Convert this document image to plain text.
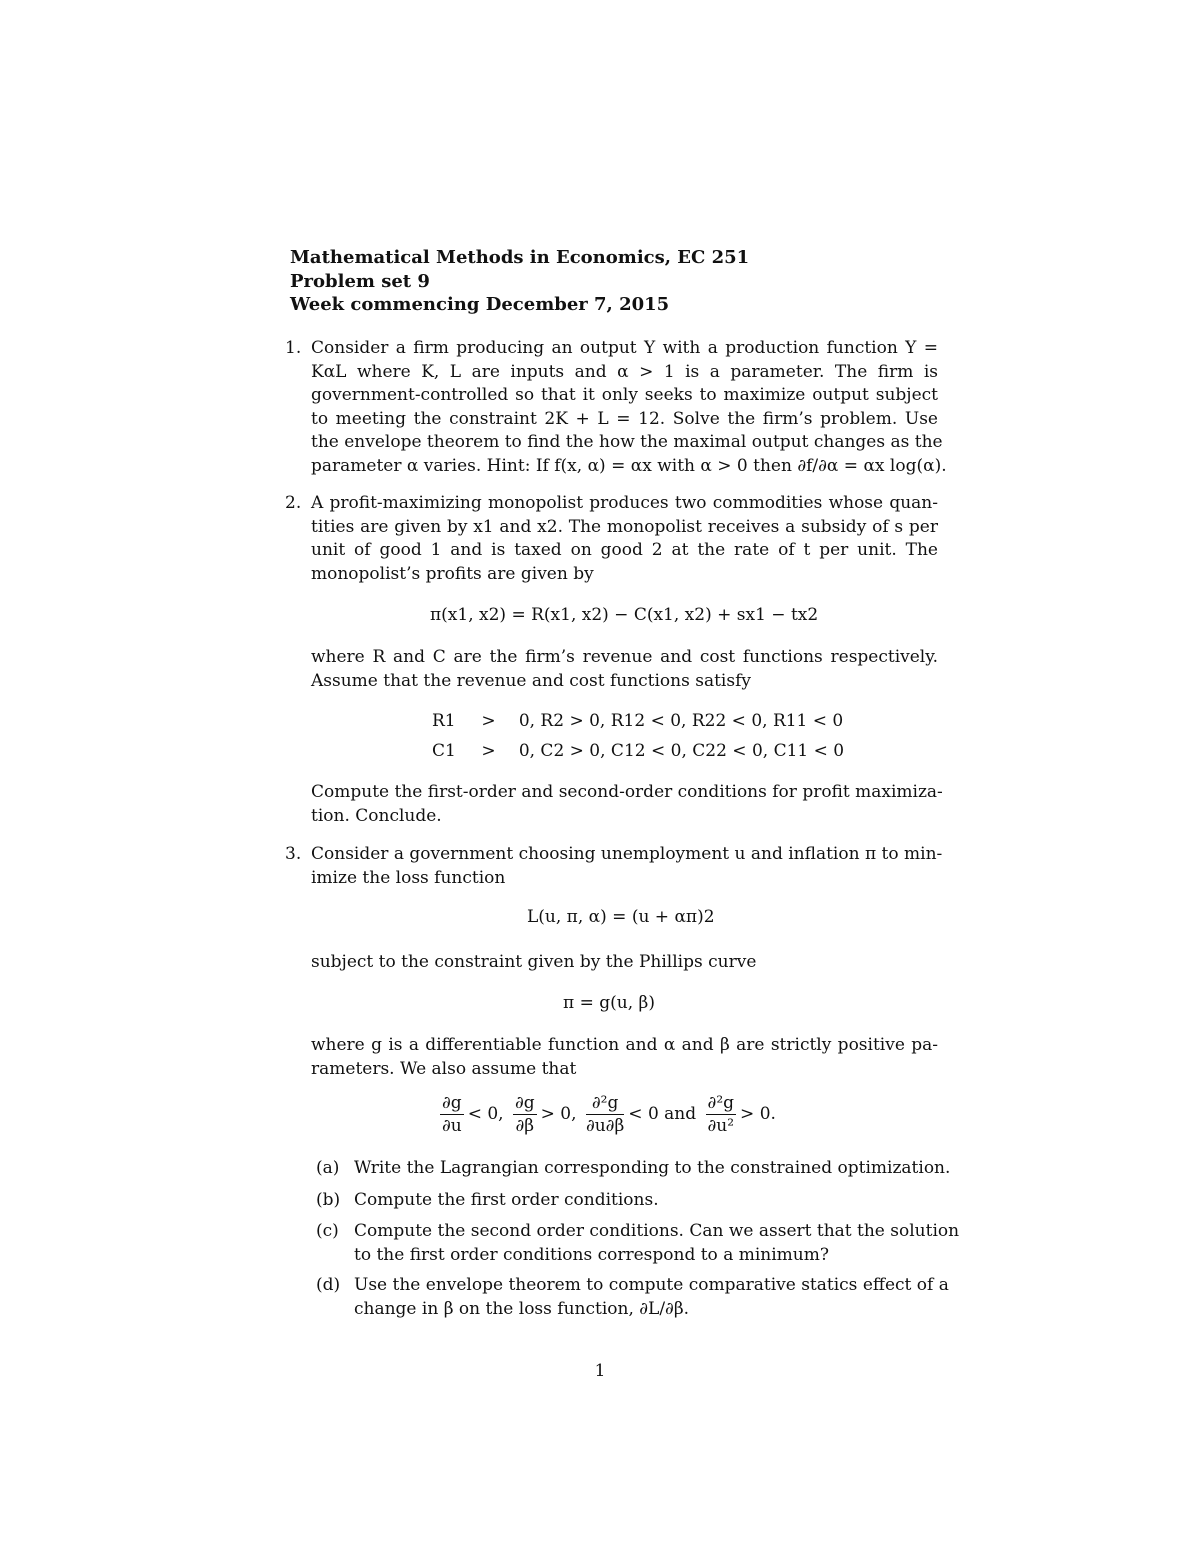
Mathematical Methods in Economics, EC 251
Problem set 9
Week commencing December 7, 2015
1. Consider a firm producing an output Y with a production function Y =
KαL where K, L are inputs and α > 1 is a parameter. The firm is
government-controlled so that it only seeks to maximize output subject
to meeting the constraint 2K + L = 12. Solve the firm’s problem. Use
the envelope theorem to find the how the maximal output changes as the
parameter α varies. Hint: If f(x, α) = αx with α > 0 then ∂f/∂α = αx log(α).
2. A profit-maximizing monopolist produces two commodities whose quan-
tities are given by x1 and x2. The monopolist receives a subsidy of s per
unit of good 1 and is taxed on good 2 at the rate of t per unit. The
monopolist’s profits are given by
π(x1, x2) = R(x1, x2) − C(x1, x2) + sx1 − tx2
where R and C are the firm’s revenue and cost functions respectively.
Assume that the revenue and cost functions satisfy
R1 > 0, R2 > 0, R12 < 0, R22 < 0, R11 < 0
C1 > 0, C2 > 0, C12 < 0, C22 < 0, C11 < 0
Compute the first-order and second-order conditions for profit maximiza-
tion. Conclude.
3. Consider a government choosing unemployment u and inflation π to min-
imize the loss function
L(u, π, α) = (u + απ)2
subject to the constraint given by the Phillips curve
π = g(u, β)
where g is a differentiable function and α and β are strictly positive pa-
rameters. We also assume that
$\frac{\partial g}{\partial u} < 0$, $\frac{\partial g}{\partial\beta} > 0$, $\frac{\text{∂²g}}{\partial u\partial\beta} < 0$ and $\frac{\text{∂²g}}{\text{∂u²}} > 0$.
(a) Write the Lagrangian corresponding to the constrained optimization.
(b) Compute the first order conditions.
(c) Compute the second order conditions. Can we assert that the solution
to the first order conditions correspond to a minimum?
(d) Use the envelope theorem to compute comparative statics effect of a
change in β on the loss function, ∂L/∂β.
1
